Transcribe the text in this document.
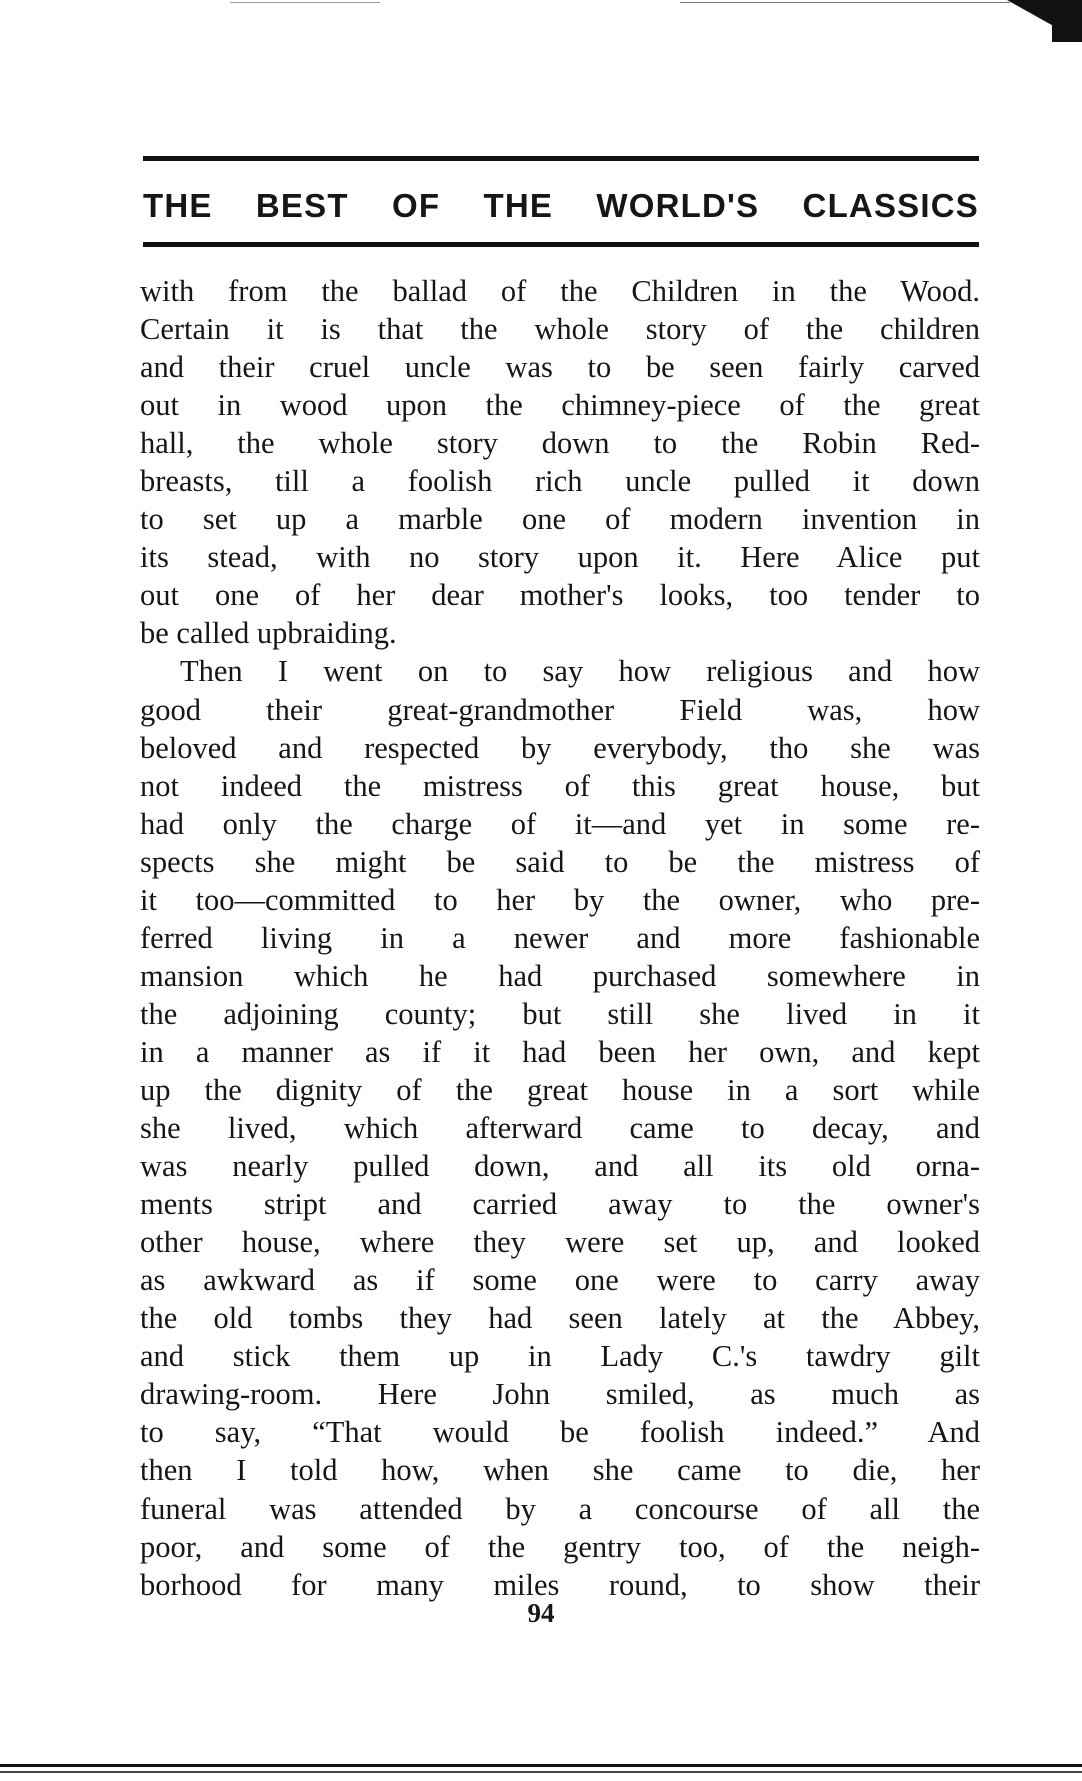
THE BEST OF THE WORLD'S CLASSICS
with from the ballad of the Children in the Wood.
Certain it is that the whole story of the children
and their cruel uncle was to be seen fairly carved
out in wood upon the chimney-piece of the great
hall, the whole story down to the Robin Red-
breasts, till a foolish rich uncle pulled it down
to set up a marble one of modern invention in
its stead, with no story upon it. Here Alice put
out one of her dear mother's looks, too tender to
be called upbraiding.
Then I went on to say how religious and how
good their great-grandmother Field was, how
beloved and respected by everybody, tho she was
not indeed the mistress of this great house, but
had only the charge of it—and yet in some re-
spects she might be said to be the mistress of
it too—committed to her by the owner, who pre-
ferred living in a newer and more fashionable
mansion which he had purchased somewhere in
the adjoining county; but still she lived in it
in a manner as if it had been her own, and kept
up the dignity of the great house in a sort while
she lived, which afterward came to decay, and
was nearly pulled down, and all its old orna-
ments stript and carried away to the owner's
other house, where they were set up, and looked
as awkward as if some one were to carry away
the old tombs they had seen lately at the Abbey,
and stick them up in Lady C.'s tawdry gilt
drawing-room. Here John smiled, as much as
to say, “That would be foolish indeed.” And
then I told how, when she came to die, her
funeral was attended by a concourse of all the
poor, and some of the gentry too, of the neigh-
borhood for many miles round, to show their
94
